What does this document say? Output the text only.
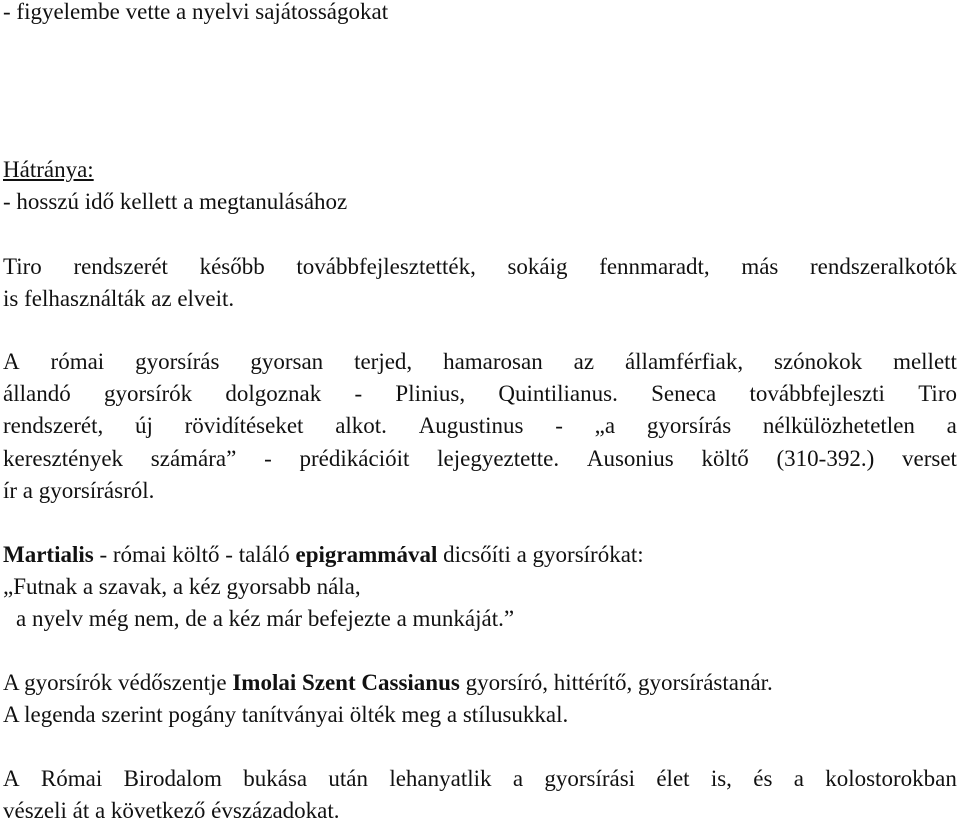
- figyelembe vette a nyelvi sajátosságokat
Hátránya:
- hosszú idő kellett a megtanulásához
Tiro rendszerét később továbbfejlesztették, sokáig fennmaradt, más rendszeralkotók
is felhasználták az elveit.
A római gyorsírás gyorsan terjed, hamarosan az államférfiak, szónokok mellett
állandó gyorsírók dolgoznak - Plinius, Quintilianus. Seneca továbbfejleszti Tiro
rendszerét, új rövidítéseket alkot. Augustinus - „a gyorsírás nélkülözhetetlen a
keresztények számára” - prédikációit lejegyeztette. Ausonius költő (310-392.) verset
ír a gyorsírásról.
Martialis - római költő - találó epigrammával dicsőíti a gyorsírókat:
„Futnak a szavak, a kéz gyorsabb nála,
a nyelv még nem, de a kéz már befejezte a munkáját.”
A gyorsírók védőszentje Imolai Szent Cassianus gyorsíró, hittérítő, gyorsírástanár.
A legenda szerint pogány tanítványai ölték meg a stílusukkal.
A Római Birodalom bukása után lehanyatlik a gyorsírási élet is, és a kolostorokban
vészeli át a következő évszázadokat.
